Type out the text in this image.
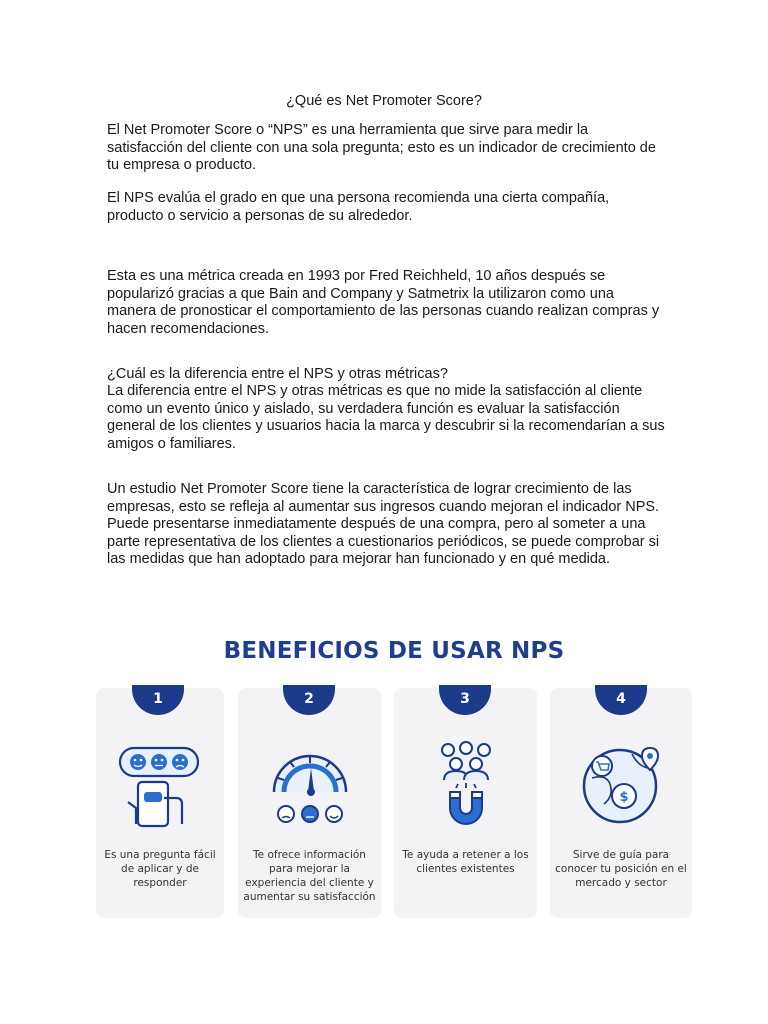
¿Qué es Net Promoter Score?

El Net Promoter Score o “NPS” es una herramienta que sirve para medir la satisfacción del cliente con una sola pregunta; esto es un indicador de crecimiento de tu empresa o producto.

El NPS evalúa el grado en que una persona recomienda una cierta compañía, producto o servicio a personas de su alrededor.

Esta es una métrica creada en 1993 por Fred Reichheld, 10 años después se popularizó gracias a que Bain and Company y Satmetrix la utilizaron como una manera de pronosticar el comportamiento de las personas cuando realizan compras y hacen recomendaciones.

¿Cuál es la diferencia entre el NPS y otras métricas?

La diferencia entre el NPS y otras métricas es que no mide la satisfacción al cliente como un evento único y aislado, su verdadera función es evaluar la satisfacción general de los clientes y usuarios hacia la marca y descubrir si la recomendarían a sus amigos o familiares.

Un estudio Net Promoter Score tiene la característica de lograr crecimiento de las empresas, esto se refleja al aumentar sus ingresos cuando mejoran el indicador NPS. Puede presentarse inmediatamente después de una compra, pero al someter a una parte representativa de los clientes a cuestionarios periódicos, se puede comprobar si las medidas que han adoptado para mejorar han funcionado y en qué medida.

BENEFICIOS DE USAR NPS
1
Es una pregunta fácil de aplicar y de responder
2
Te ofrece información para mejorar la experiencia del cliente y aumentar su satisfacción
3
Te ayuda a retener a los clientes existentes
4
$
Sirve de guía para conocer tu posición en el mercado y sector
